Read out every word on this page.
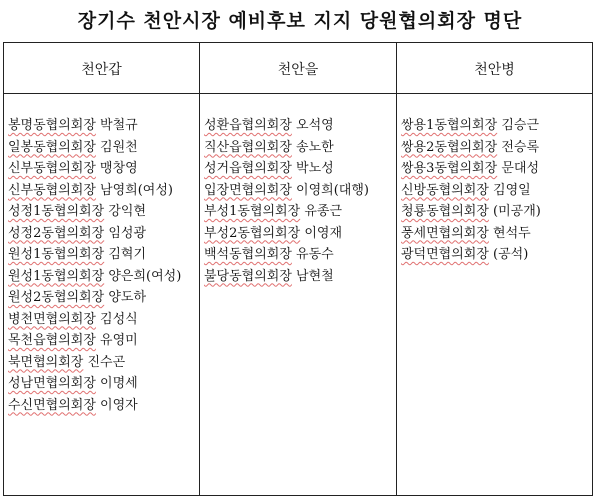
장기수 천안시장 예비후보 지지 당원협의회장 명단
천안갑
봉명동협의회장 박철규
일봉동협의회장 김원천
신부동협의회장 맹창영
신부동협의회장 남영희(여성)
성정1동협의회장 강익현
성정2동협의회장 임성광
원성1동협의회장 김혁기
원성1동협의회장 양은희(여성)
원성2동협의회장 양도하
병천면협의회장 김성식
목천읍협의회장 유영미
북면협의회장 진수곤
성남면협의회장 이명세
수신면협의회장 이영자
천안을
성환읍협의회장 오석영
직산읍협의회장 송노한
성거읍협의회장 박노성
입장면협의회장 이영희(대행)
부성1동협의회장 유종근
부성2동협의회장 이영재
백석동협의회장 유동수
불당동협의회장 남현철
천안병
쌍용1동협의회장 김승근
쌍용2동협의회장 전승록
쌍용3동협의회장 문대성
신방동협의회장 김영일
청룡동협의회장 (미공개)
풍세면협의회장 현석두
광덕면협의회장 (공석)
